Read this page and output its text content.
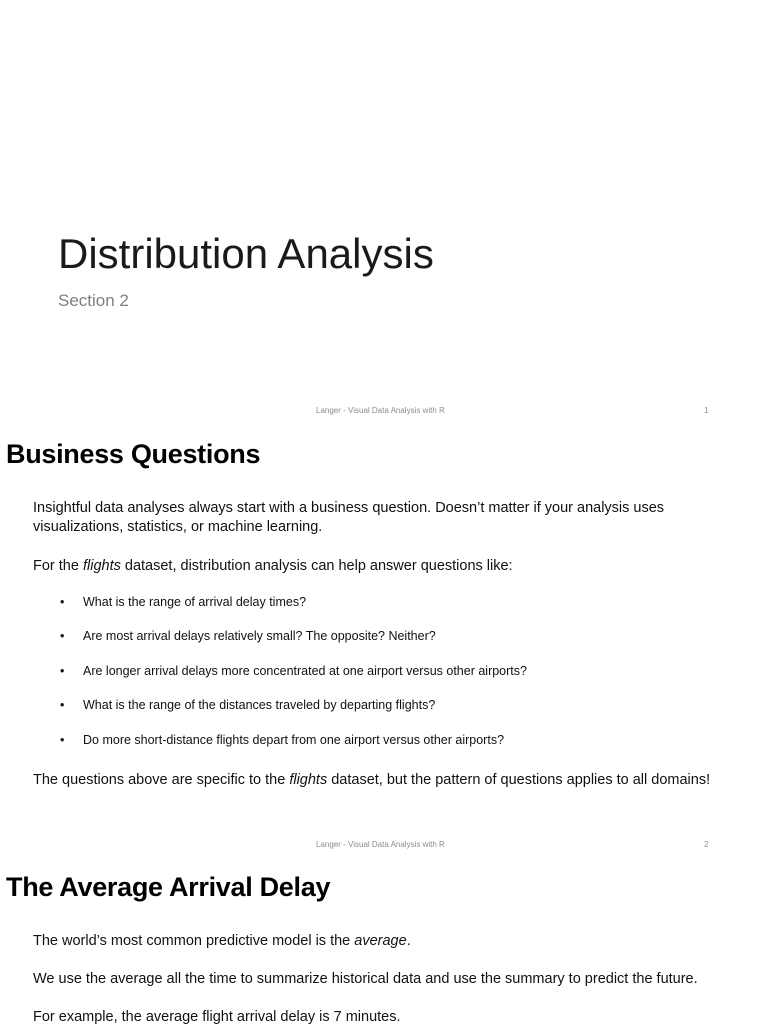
Distribution Analysis

Section 2

Langer - Visual Data Analysis with R	1
Business Questions

Insightful data analyses always start with a business question. Doesn’t matter if your analysis uses visualizations, statistics, or machine learning.

For the flights dataset, distribution analysis can help answer questions like:

• What is the range of arrival delay times?
• Are most arrival delays relatively small? The opposite? Neither?
• Are longer arrival delays more concentrated at one airport versus other airports?
• What is the range of the distances traveled by departing flights?
• Do more short-distance flights depart from one airport versus other airports?

The questions above are specific to the flights dataset, but the pattern of questions applies to all domains!

Langer - Visual Data Analysis with R	2
The Average Arrival Delay

The world’s most common predictive model is the average.

We use the average all the time to summarize historical data and use the summary to predict the future.

For example, the average flight arrival delay is 7 minutes.
